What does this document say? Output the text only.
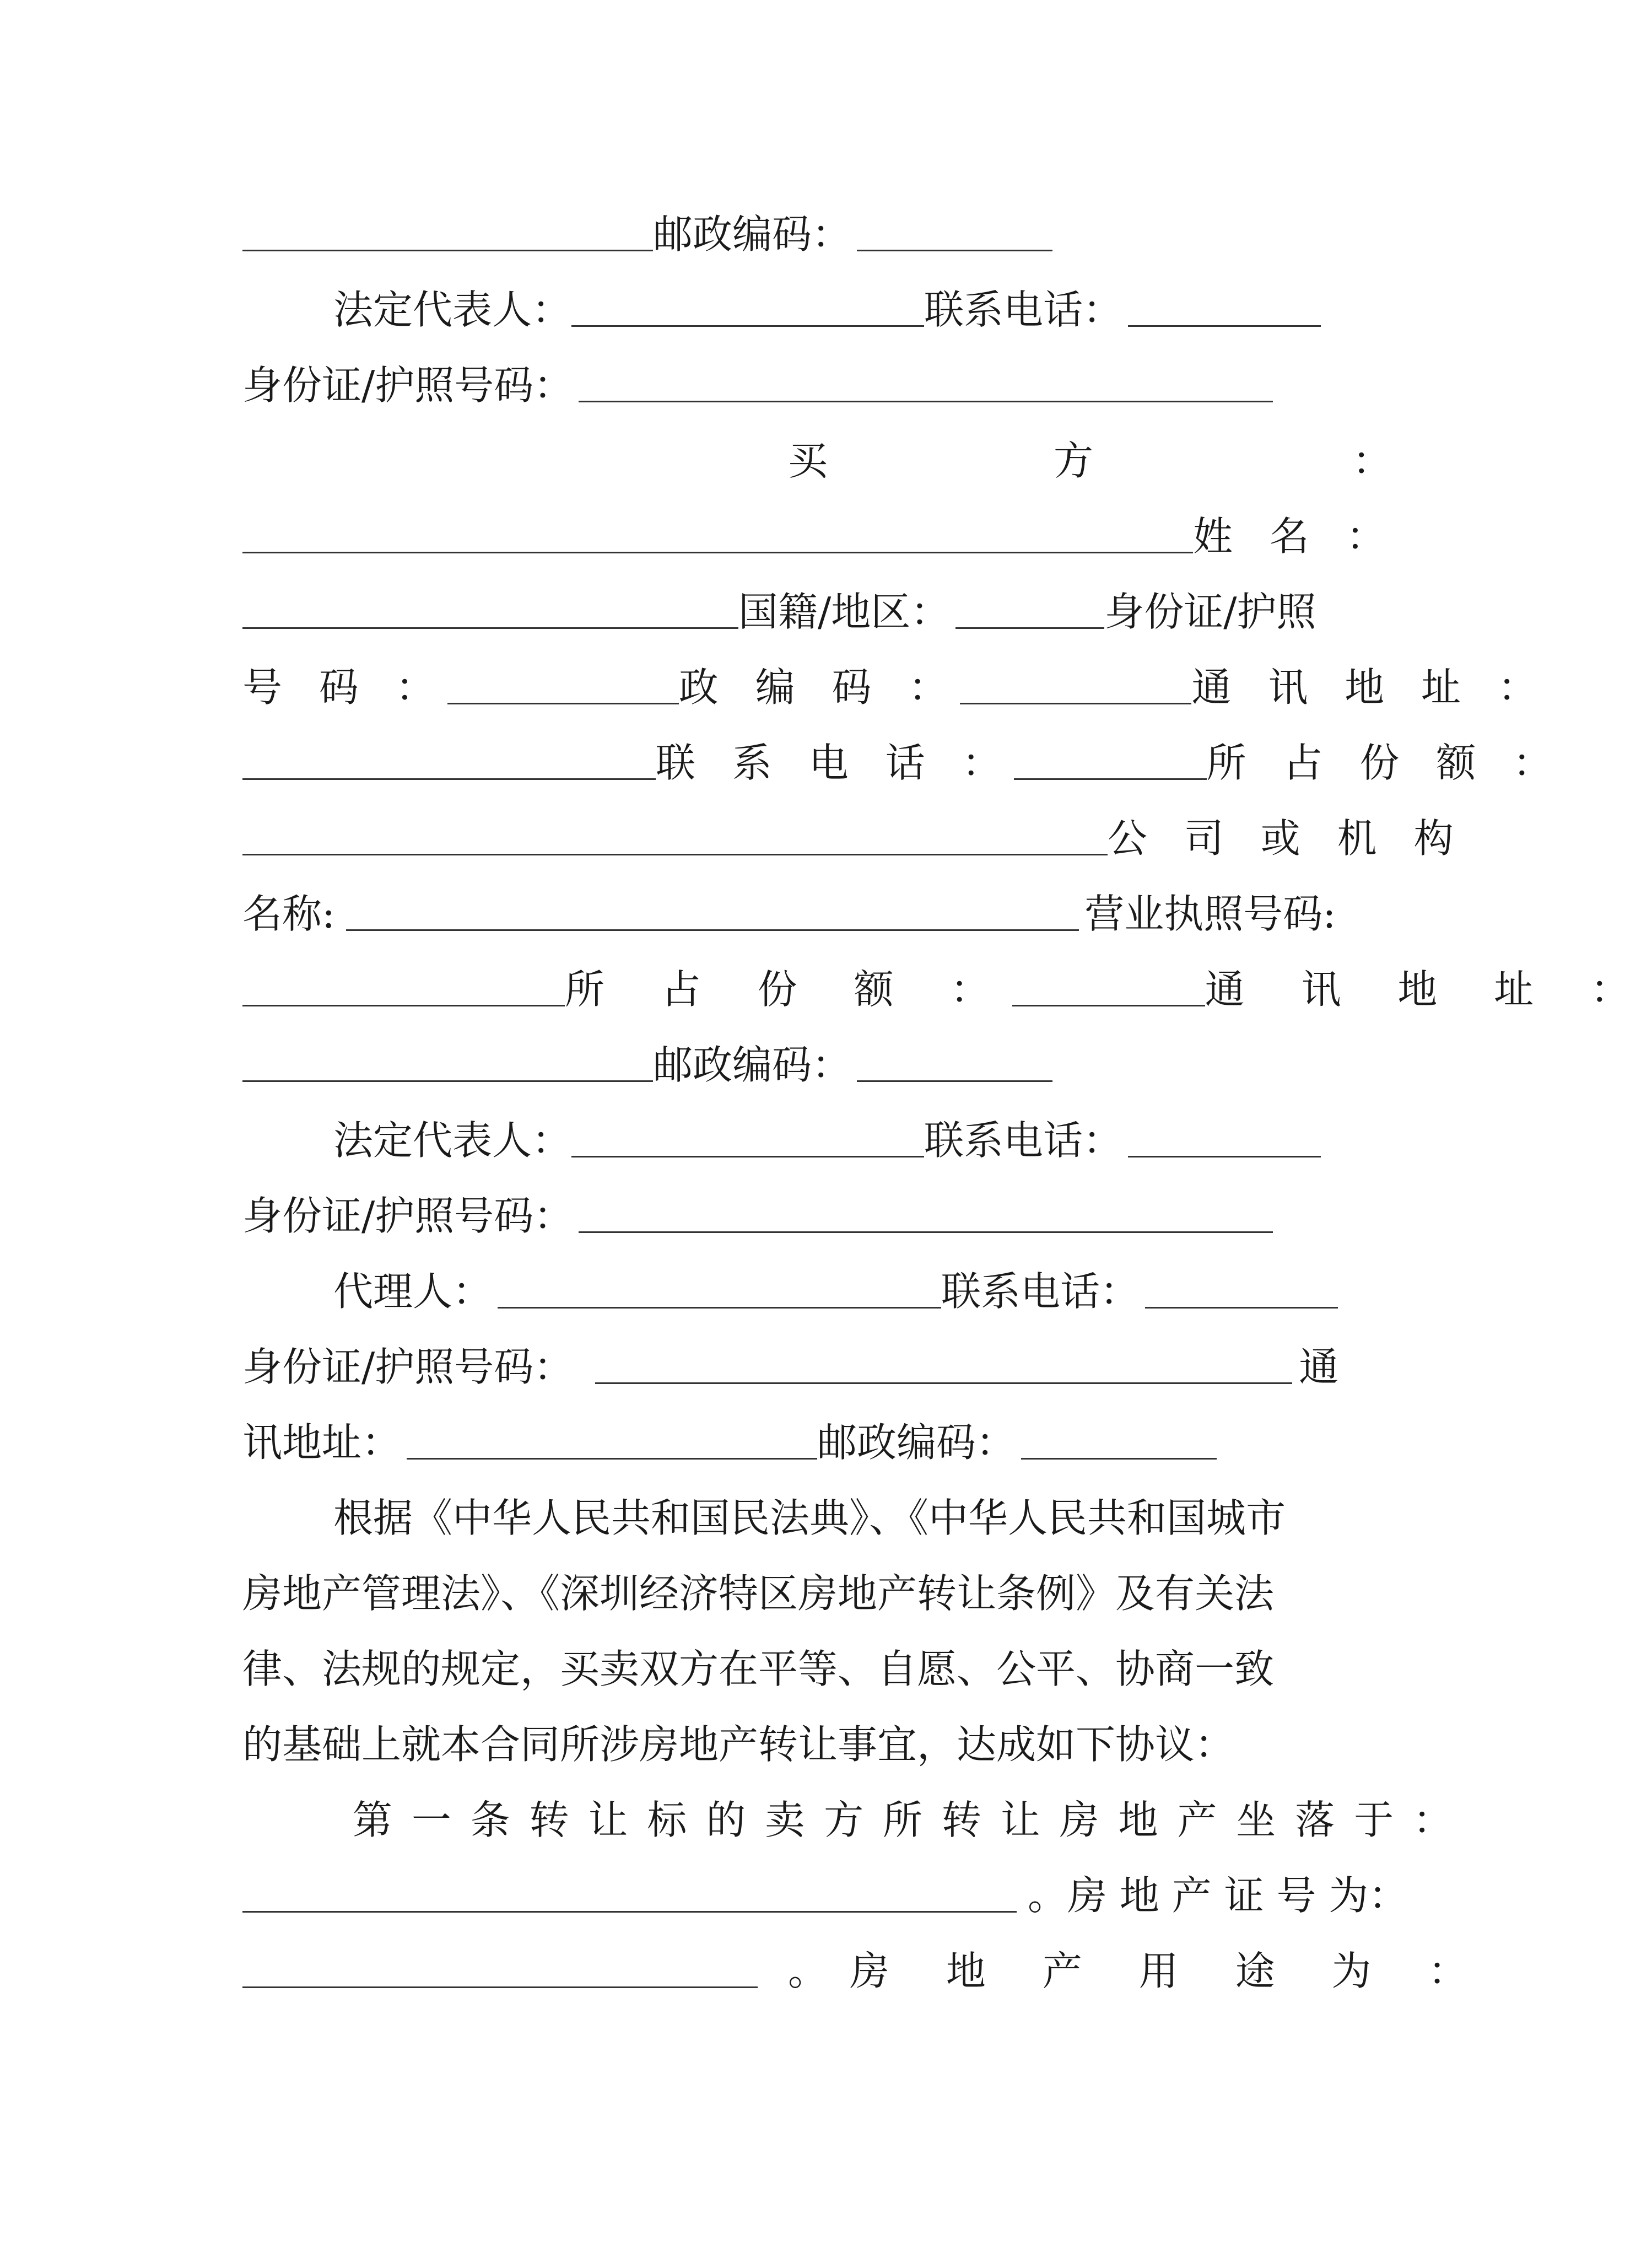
邮政编码：
法定代表人：	联系电话：
身份证/护照号码：
买	方	：
姓 名 ：
国籍/地区：	身份证/护照
号 码 ：	政 编 码 ：	通 讯 地 址 ：
联 系 电 话 ：	所 占 份 额 ：
公 司 或 机 构
名称:	营业执照号码:
所 占 份 额 ：	通 讯 地 址 ：
邮政编码：
法定代表人：	联系电话：
身份证/护照号码：
代理人：	联系电话：
身份证/护照号码：	通
讯地址：	邮政编码：
根据《中华人民共和国民法典》、《中华人民共和国城市
房地产管理法》、《深圳经济特区房地产转让条例》及有关法
律、法规的规定，买卖双方在平等、自愿、公平、协商一致
的基础上就本合同所涉房地产转让事宜，达成如下协议：
第 一 条 转 让 标 的 卖 方 所 转 让 房 地 产 坐 落 于 ：
。房 地 产 证 号 为：
。 房 地 产 用 途 为 ：
